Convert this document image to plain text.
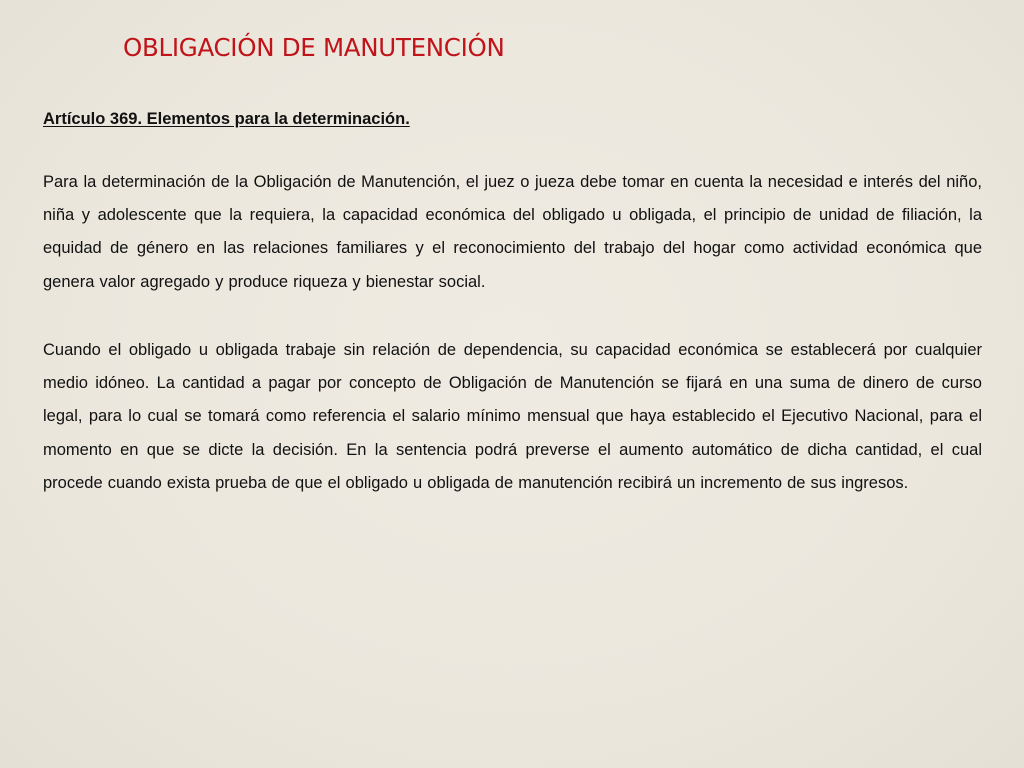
OBLIGACIÓN DE MANUTENCIÓN
Artículo 369. Elementos para la determinación.

Para la determinación de la Obligación de Manutención, el juez o jueza debe tomar en cuenta la necesidad e interés del niño, niña y adolescente que la requiera, la capacidad económica del obligado u obligada, el principio de unidad de filiación, la equidad de género en las relaciones familiares y el reconocimiento del trabajo del hogar como actividad económica que genera valor agregado y produce riqueza y bienestar social.

Cuando el obligado u obligada trabaje sin relación de dependencia, su capacidad económica se establecerá por cualquier medio idóneo. La cantidad a pagar por concepto de Obligación de Manutención se fijará en una suma de dinero de curso legal, para lo cual se tomará como referencia el salario mínimo mensual que haya establecido el Ejecutivo Nacional, para el momento en que se dicte la decisión. En la sentencia podrá preverse el aumento automático de dicha cantidad, el cual procede cuando exista prueba de que el obligado u obligada de manutención recibirá un incremento de sus ingresos.
